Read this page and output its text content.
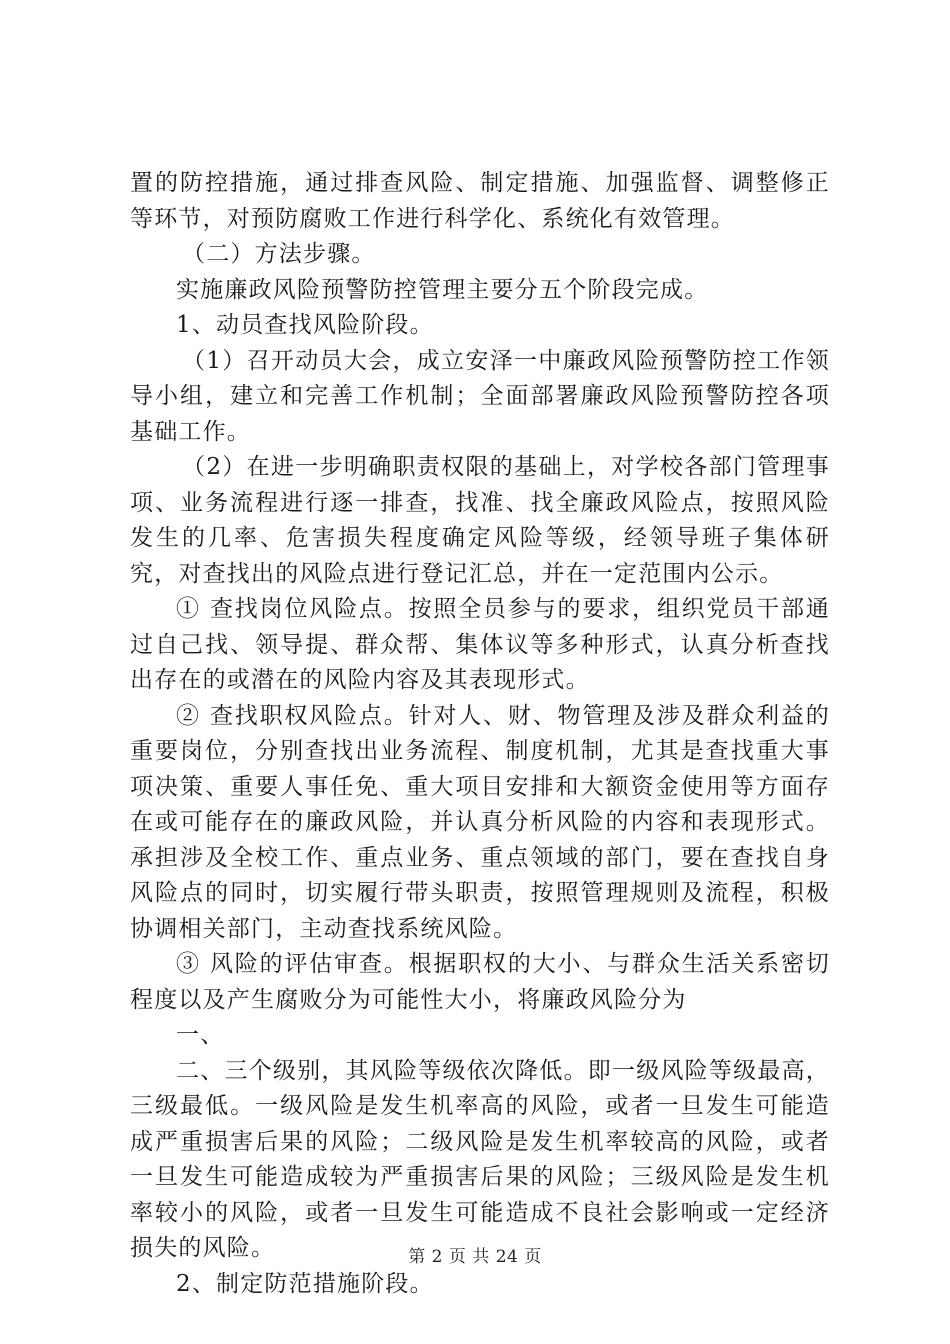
置的防控措施，通过排查风险、制定措施、加强监督、调整修正等环节，对预防腐败工作进行科学化、系统化有效管理。

（二）方法步骤。

实施廉政风险预警防控管理主要分五个阶段完成。

1、动员查找风险阶段。

（1）召开动员大会，成立安泽一中廉政风险预警防控工作领导小组，建立和完善工作机制；全面部署廉政风险预警防控各项基础工作。

（2）在进一步明确职责权限的基础上，对学校各部门管理事项、业务流程进行逐一排查，找准、找全廉政风险点，按照风险发生的几率、危害损失程度确定风险等级，经领导班子集体研究，对查找出的风险点进行登记汇总，并在一定范围内公示。

① 查找岗位风险点。按照全员参与的要求，组织党员干部通过自己找、领导提、群众帮、集体议等多种形式，认真分析查找出存在的或潜在的风险内容及其表现形式。

② 查找职权风险点。针对人、财、物管理及涉及群众利益的重要岗位，分别查找出业务流程、制度机制，尤其是查找重大事项决策、重要人事任免、重大项目安排和大额资金使用等方面存在或可能存在的廉政风险，并认真分析风险的内容和表现形式。承担涉及全校工作、重点业务、重点领域的部门，要在查找自身风险点的同时，切实履行带头职责，按照管理规则及流程，积极协调相关部门，主动查找系统风险。

③ 风险的评估审查。根据职权的大小、与群众生活关系密切程度以及产生腐败分为可能性大小，将廉政风险分为

一、

二、三个级别，其风险等级依次降低。即一级风险等级最高，三级最低。一级风险是发生机率高的风险，或者一旦发生可能造成严重损害后果的风险；二级风险是发生机率较高的风险，或者一旦发生可能造成较为严重损害后果的风险；三级风险是发生机率较小的风险，或者一旦发生可能造成不良社会影响或一定经济损失的风险。

2、制定防范措施阶段。

第 2 页 共 24 页
